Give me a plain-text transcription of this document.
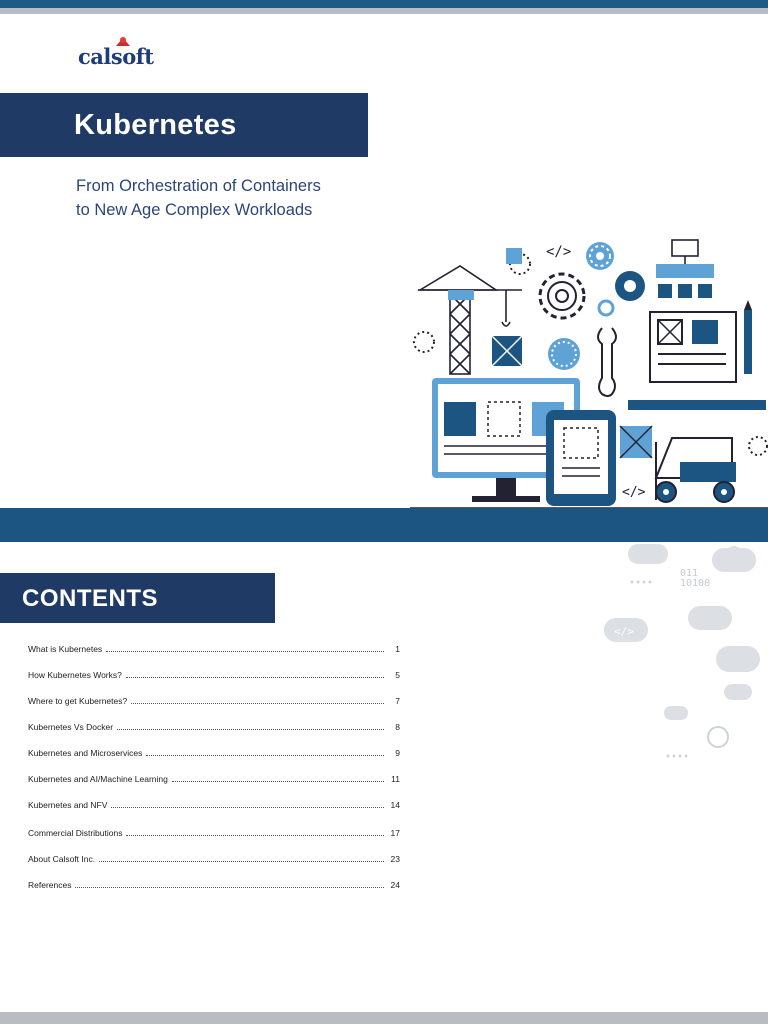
calsoft
Kubernetes
From Orchestration of Containers
to New Age Complex Workloads
</>
</>
011
10100
</>
CONTENTS
What is Kubernetes	1
How Kubernetes Works?	5
Where to get Kubernetes?	7
Kubernetes Vs Docker	8
Kubernetes and Microservices	9
Kubernetes and AI/Machine Learning	11
Kubernetes and NFV	14
Commercial Distributions	17
About Calsoft Inc.	23
References	24
